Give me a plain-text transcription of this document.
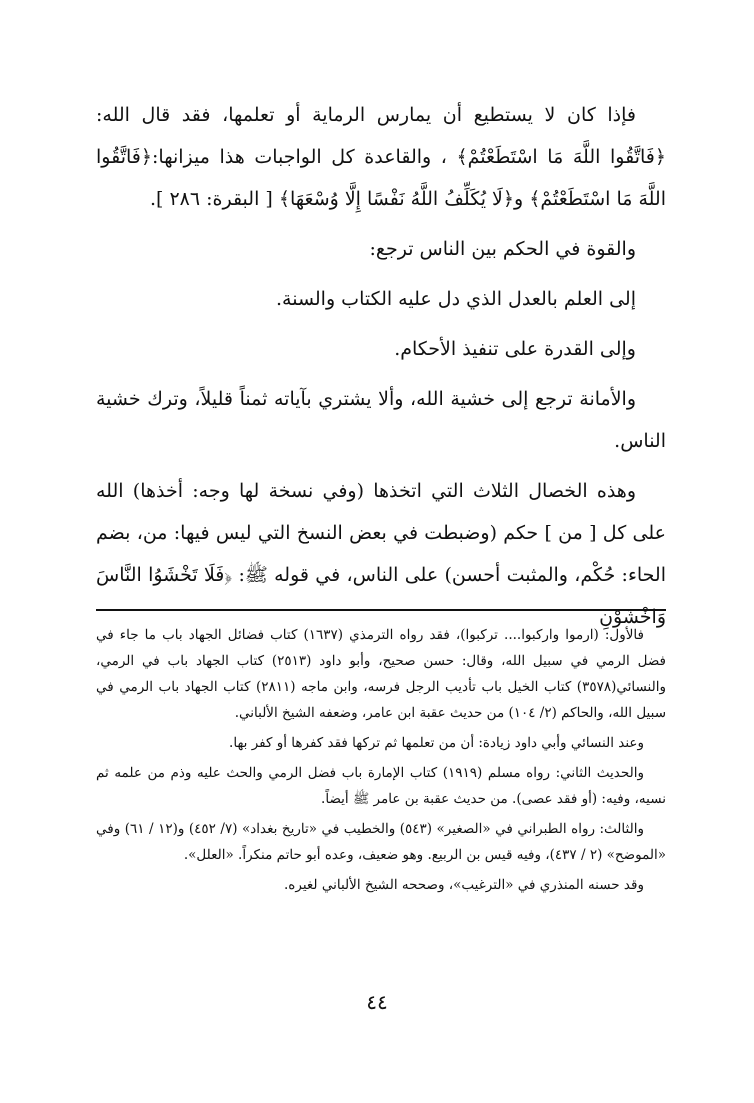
فإذا كان لا يستطيع أن يمارس الرماية أو تعلمها، فقد قال الله: ﴿فَاتَّقُوا اللَّهَ مَا اسْتَطَعْتُمْ﴾ ، والقاعدة كل الواجبات هذا ميزانها:﴿فَاتَّقُوا اللَّهَ مَا اسْتَطَعْتُمْ﴾ و﴿لَا يُكَلِّفُ اللَّهُ نَفْسًا إِلَّا وُسْعَهَا﴾ [ البقرة: ٢٨٦ ].

والقوة في الحكم بين الناس ترجع:

إلى العلم بالعدل الذي دل عليه الكتاب والسنة.

وإلى القدرة على تنفيذ الأحكام.

والأمانة ترجع إلى خشية الله، وألا يشتري بآياته ثمناً قليلاً، وترك خشية الناس.

وهذه الخصال الثلاث التي اتخذها (وفي نسخة لها وجه: أخذها) الله على كل [ من ] حكم (وضبطت في بعض النسخ التي ليس فيها: من، بضم الحاء: حُكْم، والمثبت أحسن) على الناس، في قوله ﷺ: ﴿فَلَا تَخْشَوُا النَّاسَ وَاخْشَوْنِ

فالأول: (ارموا واركبوا.... تركبوا)، فقد رواه الترمذي (١٦٣٧) كتاب فضائل الجهاد باب ما جاء في فضل الرمي في سبيل الله، وقال: حسن صحيح، وأبو داود (٢٥١٣) كتاب الجهاد باب في الرمي، والنسائي(٣٥٧٨) كتاب الخيل باب تأديب الرجل فرسه، وابن ماجه (٢٨١١) كتاب الجهاد باب الرمي في سبيل الله، والحاكم (٢/ ١٠٤) من حديث عقبة ابن عامر، وضعفه الشيخ الألباني.

وعند النسائي وأبي داود زيادة: أن من تعلمها ثم تركها فقد كفرها أو كفر بها.

والحديث الثاني: رواه مسلم (١٩١٩) كتاب الإمارة باب فضل الرمي والحث عليه وذم من علمه ثم نسيه، وفيه: (أو فقد عصى). من حديث عقبة بن عامر ﷺ أيضاً.

والثالث: رواه الطبراني في «الصغير» (٥٤٣) والخطيب في «تاريخ بغداد» (٧/ ٤٥٢) و(١٢ / ٦١) وفي «الموضح» (٢ / ٤٣٧)، وفيه قيس بن الربيع. وهو ضعيف، وعده أبو حاتم منكراً. «العلل».

وقد حسنه المنذري في «الترغيب»، وصححه الشيخ الألباني لغيره.

٤٤
